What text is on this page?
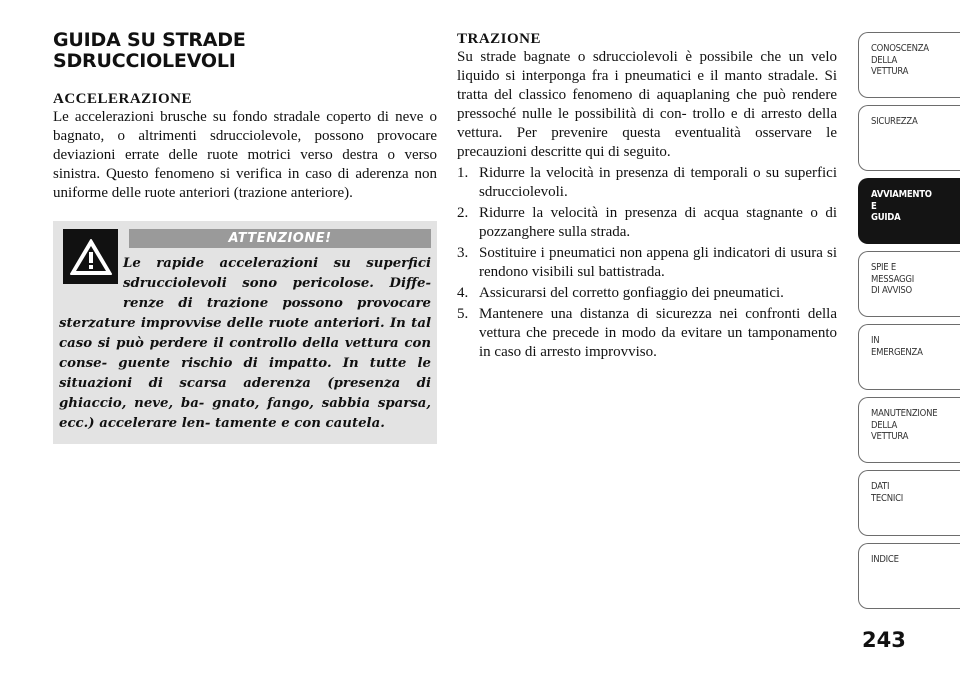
GUIDA SU STRADE SDRUCCIOLEVOLI
ACCELERAZIONE

Le accelerazioni brusche su fondo stradale coperto di neve o bagnato, o altrimenti sdrucciolevole, possono provocare deviazioni errate delle ruote motrici verso destra o verso sinistra. Questo fenomeno si verifica in caso di aderenza non uniforme delle ruote anteriori (trazione anteriore).

ATTENZIONE!

Le rapide accelerazioni su superfici sdrucciolevoli sono pericolose. Diffe- renze di trazione possono provocare sterzature improvvise delle ruote anteriori. In tal caso si può perdere il controllo della vettura con conse- guente rischio di impatto. In tutte le situazioni di scarsa aderenza (presenza di ghiaccio, neve, ba- gnato, fango, sabbia sparsa, ecc.) accelerare len- tamente e con cautela.

TRAZIONE

Su strade bagnate o sdrucciolevoli è possibile che un velo liquido si interponga fra i pneumatici e il manto stradale. Si tratta del classico fenomeno di aquaplaning che può rendere pressoché nulle le possibilità di con- trollo e di arresto della vettura. Per prevenire questa eventualità osservare le precauzioni descritte qui di seguito.

1. Ridurre la velocità in presenza di temporali o su superfici sdrucciolevoli.
2. Ridurre la velocità in presenza di acqua stagnante o di pozzanghere sulla strada.
3. Sostituire i pneumatici non appena gli indicatori di usura si rendono visibili sul battistrada.
4. Assicurarsi del corretto gonfiaggio dei pneumatici.
5. Mantenere una distanza di sicurezza nei confronti della vettura che precede in modo da evitare un tamponamento in caso di arresto improvviso.
CONOSCENZA
DELLA
VETTURA
SICUREZZA
AVVIAMENTO
E
GUIDA
SPIE E
MESSAGGI
DI AVVISO
IN
EMERGENZA
MANUTENZIONE
DELLA
VETTURA
DATI
TECNICI
INDICE
243
